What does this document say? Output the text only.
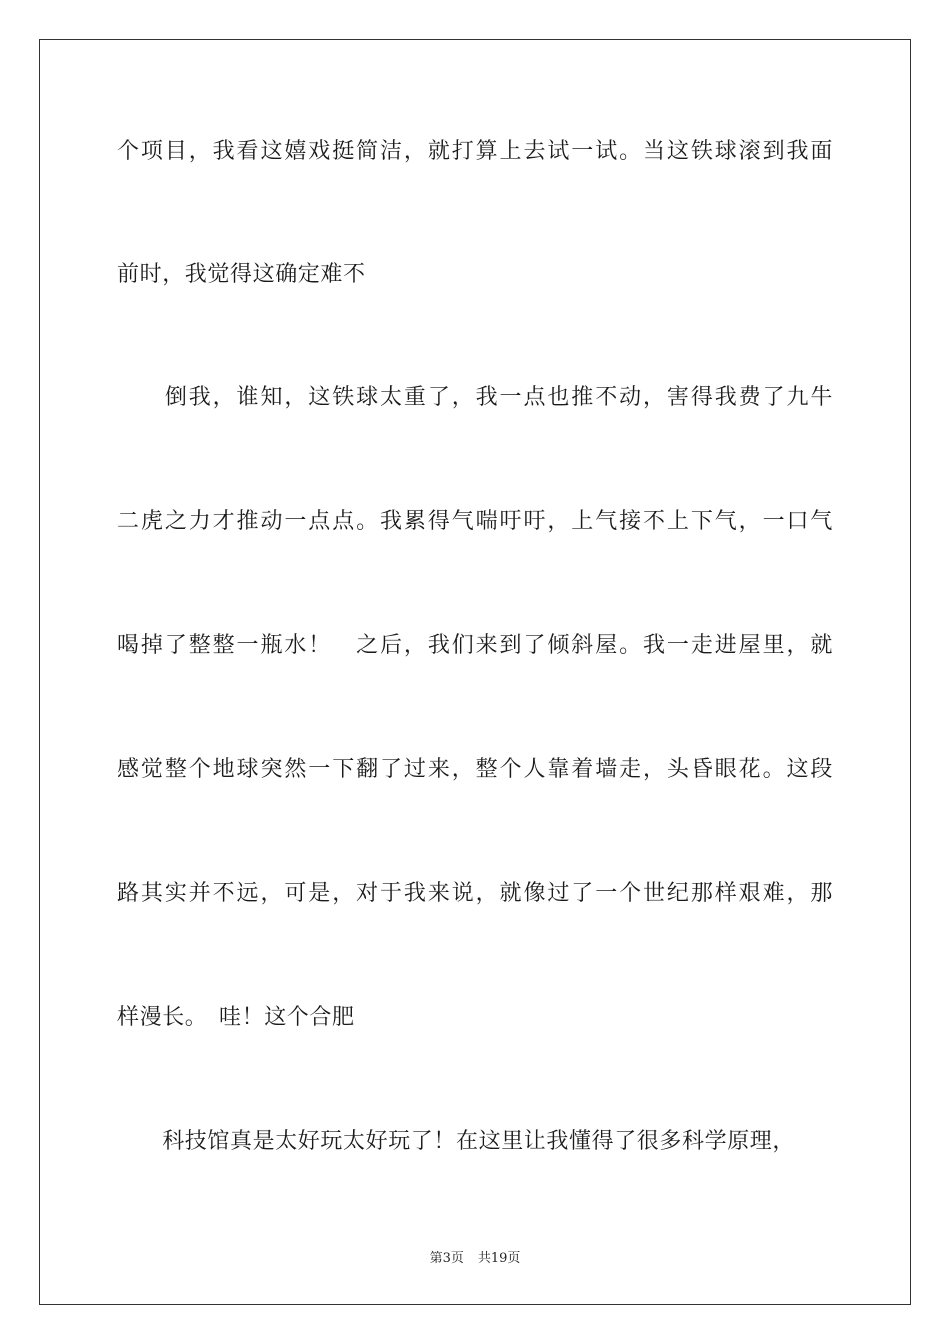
个项目，我看这嬉戏挺简洁，就打算上去试一试。当这铁球滚到我面
前时，我觉得这确定难不
　　倒我，谁知，这铁球太重了，我一点也推不动，害得我费了九牛
二虎之力才推动一点点。我累得气喘吁吁，上气接不上下气，一口气
喝掉了整整一瓶水！　之后，我们来到了倾斜屋。我一走进屋里，就
感觉整个地球突然一下翻了过来，整个人靠着墙走，头昏眼花。这段
路其实并不远，可是，对于我来说，就像过了一个世纪那样艰难，那
样漫长。　哇！这个合肥
　　科技馆真是太好玩太好玩了！在这里让我懂得了很多科学原理，
第3页 共19页
